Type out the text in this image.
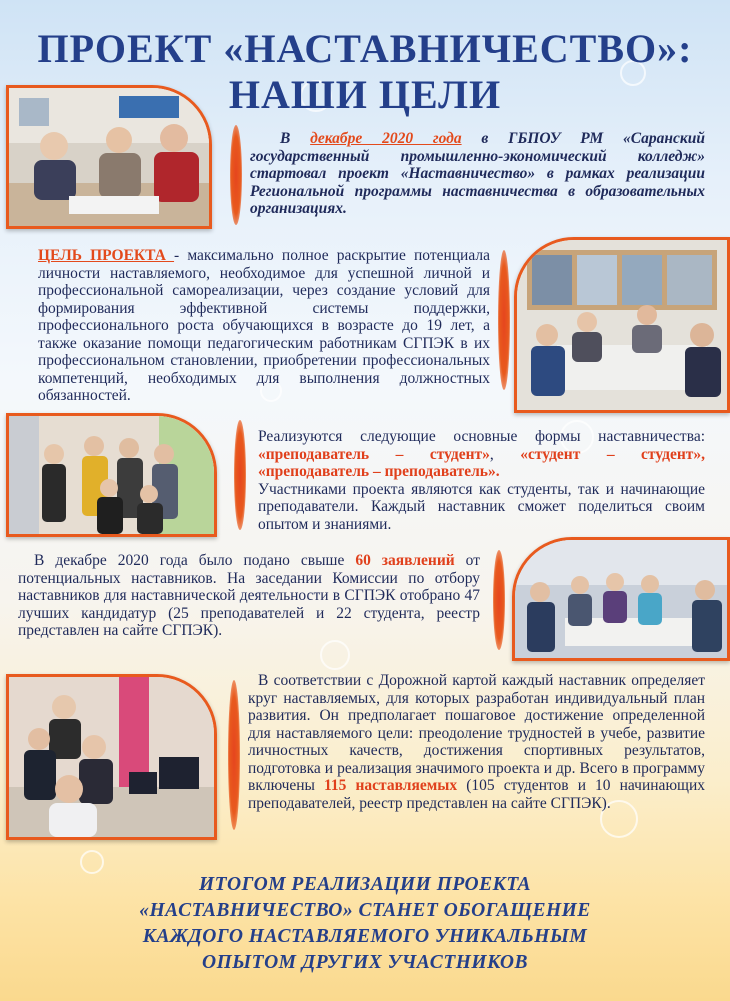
ПРОЕКТ «НАСТАВНИЧЕСТВО»:
НАШИ ЦЕЛИ

В декабре 2020 года в ГБПОУ РМ «Саранский государственный промышленно-экономический колледж» стартовал проект «Наставничество» в рамках реализации Региональной программы наставничества в образовательных организациях.

ЦЕЛЬ ПРОЕКТА - максимально полное раскрытие потенциала личности наставляемого, необходимое для успешной личной и профессиональной самореализации, через создание условий для формирования эффективной системы поддержки, профессионального роста обучающихся в возрасте до 19 лет, а также оказание помощи педагогическим работникам СГПЭК в их профессиональном становлении, приобретении профессиональных компетенций, необходимых для выполнения должностных обязанностей.

Реализуются следующие основные формы наставничества: «преподаватель – студент», «студент – студент», «преподаватель – преподаватель».

Участниками проекта являются как студенты, так и начинающие преподаватели. Каждый наставник сможет поделиться своим опытом и знаниями.

В декабре 2020 года было подано свыше 60 заявлений от потенциальных наставников. На заседании Комиссии по отбору наставников для наставнической деятельности в СГПЭК отобрано 47 лучших кандидатур (25 преподавателей и 22 студента, реестр представлен на сайте СГПЭК).

В соответствии с Дорожной картой каждый наставник определяет круг наставляемых, для которых разработан индивидуальный план развития. Он предполагает пошаговое достижение определенной для наставляемого цели: преодоление трудностей в учебе, развитие личностных качеств, достижения спортивных результатов, подготовка и реализация значимого проекта и др. Всего в программу включены 115 наставляемых (105 студентов и 10 начинающих преподавателей, реестр представлен на сайте СГПЭК).

ИТОГОМ РЕАЛИЗАЦИИ ПРОЕКТА
«НАСТАВНИЧЕСТВО» СТАНЕТ ОБОГАЩЕНИЕ
КАЖДОГО НАСТАВЛЯЕМОГО УНИКАЛЬНЫМ
ОПЫТОМ ДРУГИХ УЧАСТНИКОВ
